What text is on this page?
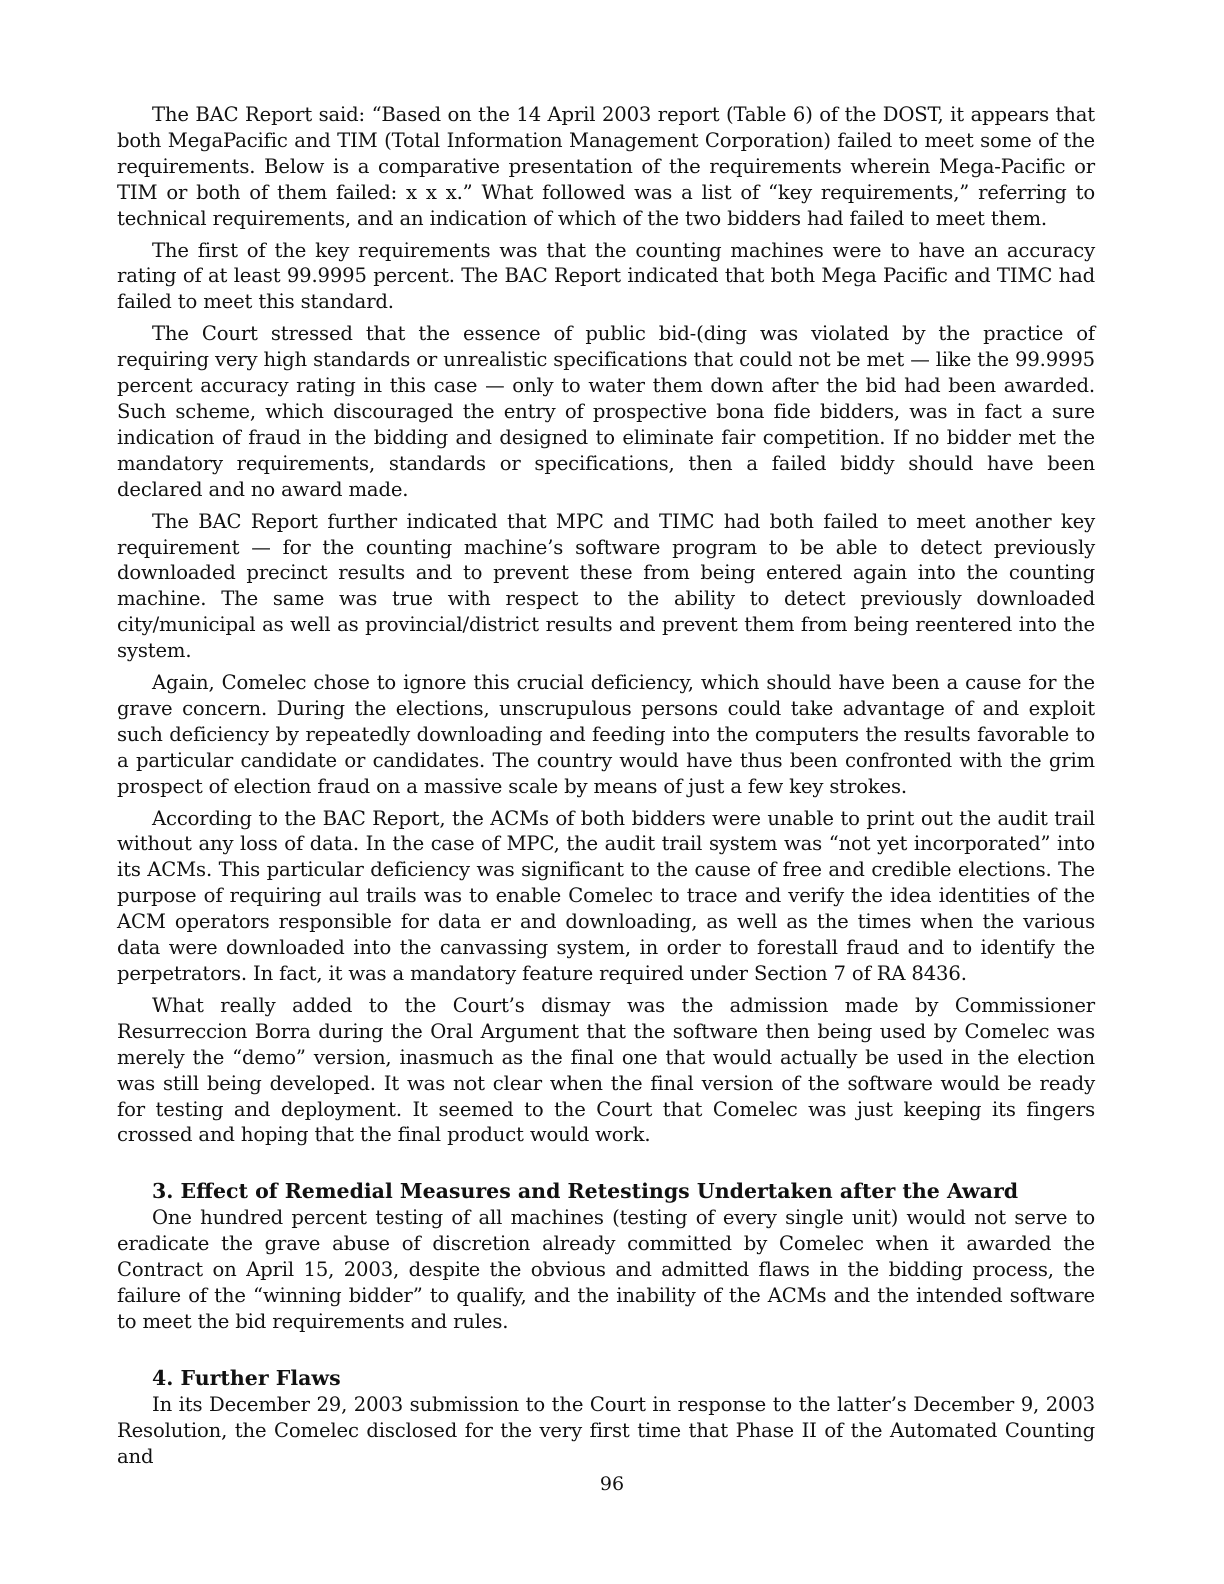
The BAC Report said: “Based on the 14 April 2003 report (Table 6) of the DOST, it appears that both MegaPacific and TIM (Total Information Management Corporation) failed to meet some of the requirements. Below is a comparative presentation of the requirements wherein Mega-Pacific or TIM or both of them failed: x x x.” What followed was a list of “key requirements,” referring to technical requirements, and an indication of which of the two bidders had failed to meet them.

The first of the key requirements was that the counting machines were to have an accuracy rating of at least 99.9995 percent. The BAC Report indicated that both Mega Pacific and TIMC had failed to meet this standard.

The Court stressed that the essence of public bid-(ding was violated by the practice of requiring very high standards or unrealistic specifications that could not be met — like the 99.9995 percent accuracy rating in this case — only to water them down after the bid had been awarded. Such scheme, which discouraged the entry of prospective bona fide bidders, was in fact a sure indication of fraud in the bidding and designed to eliminate fair competition. If no bidder met the mandatory requirements, standards or specifications, then a failed biddy should have been declared and no award made.

The BAC Report further indicated that MPC and TIMC had both failed to meet another key requirement — for the counting machine’s software program to be able to detect previously downloaded precinct results and to prevent these from being entered again into the counting machine. The same was true with respect to the ability to detect previously downloaded city/municipal as well as provincial/district results and prevent them from being reentered into the system.

Again, Comelec chose to ignore this crucial deficiency, which should have been a cause for the grave concern. During the elections, unscrupulous persons could take advantage of and exploit such deficiency by repeatedly downloading and feeding into the computers the results favorable to a particular candidate or candidates. The country would have thus been confronted with the grim prospect of election fraud on a massive scale by means of just a few key strokes.

According to the BAC Report, the ACMs of both bidders were unable to print out the audit trail without any loss of data. In the case of MPC, the audit trail system was “not yet incorporated” into its ACMs. This particular deficiency was significant to the cause of free and credible elections. The purpose of requiring aul trails was to enable Comelec to trace and verify the idea identities of the ACM operators responsible for data er and downloading, as well as the times when the various data were downloaded into the canvassing system, in order to forestall fraud and to identify the perpetrators. In fact, it was a mandatory feature required under Section 7 of RA 8436.

What really added to the Court’s dismay was the admission made by Commissioner Resurreccion Borra during the Oral Argument that the software then being used by Comelec was merely the “demo” version, inasmuch as the final one that would actually be used in the election was still being developed. It was not clear when the final version of the software would be ready for testing and deployment. It seemed to the Court that Comelec was just keeping its fingers crossed and hoping that the final product would work.

3. Effect of Remedial Measures and Retestings Undertaken after the Award

One hundred percent testing of all machines (testing of every single unit) would not serve to eradicate the grave abuse of discretion already committed by Comelec when it awarded the Contract on April 15, 2003, despite the obvious and admitted flaws in the bidding process, the failure of the “winning bidder” to qualify, and the inability of the ACMs and the intended software to meet the bid requirements and rules.

4. Further Flaws

In its December 29, 2003 submission to the Court in response to the latter’s December 9, 2003 Resolution, the Comelec disclosed for the very first time that Phase II of the Automated Counting and

96
